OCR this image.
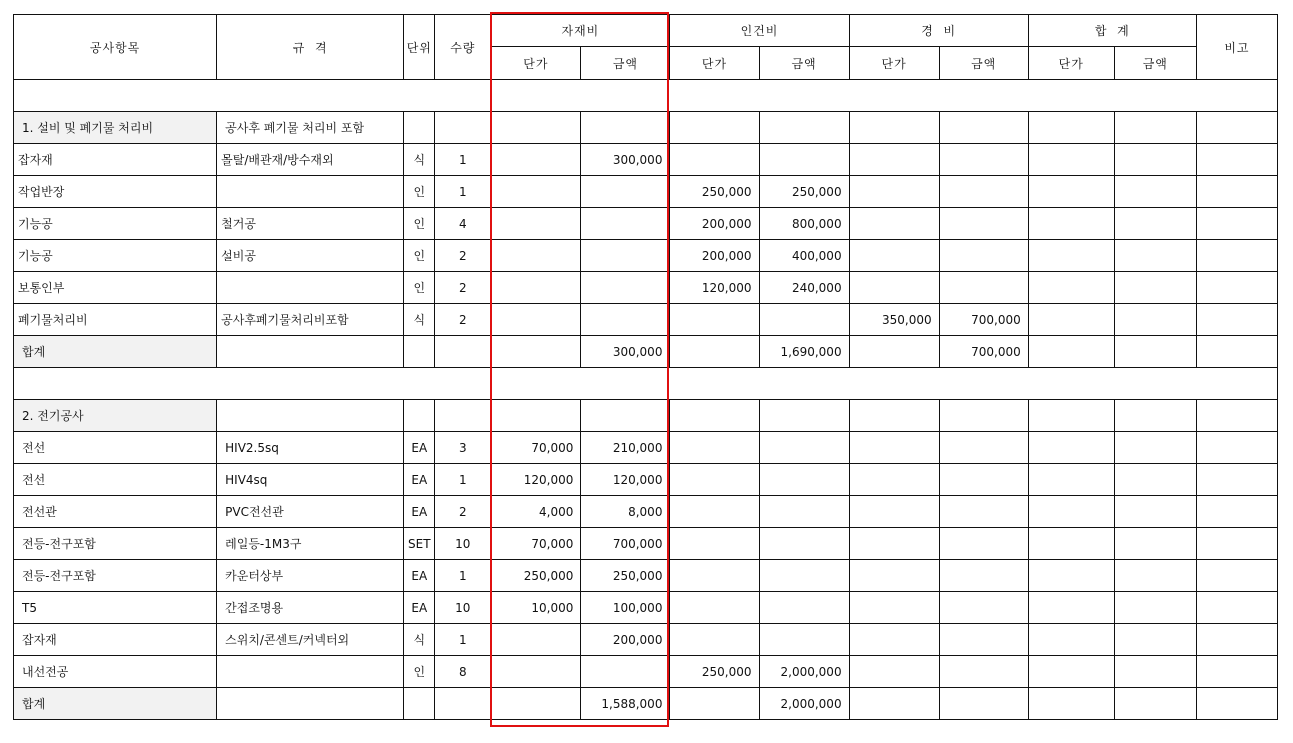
공사항목	규  격	단위	수량	자재비		인건비		경  비		합  계		비고
				단가	금액	단가	금액	단가	금액	단가	금액	

1. 설비 및 폐기물 처리비	공사후 폐기물 처리비 포함											
잡자재	몰탈/배관재/방수재외	식	1		300,000							
작업반장		인	1			250,000	250,000					
기능공	철거공	인	4			200,000	800,000					
기능공	설비공	인	2			200,000	400,000					
보통인부		인	2			120,000	240,000					
폐기물처리비	공사후폐기물처리비포함	식	2					350,000	700,000			
합계					300,000		1,690,000		700,000			

2. 전기공사												
전선	HIV2.5sq	EA	3	70,000	210,000							
전선	HIV4sq	EA	1	120,000	120,000							
전선관	PVC전선관	EA	2	4,000	8,000							
전등-전구포함	레일등-1M3구	SET	10	70,000	700,000							
전등-전구포함	카운터상부	EA	1	250,000	250,000							
T5	간접조명용	EA	10	10,000	100,000							
잡자재	스위치/콘센트/커넥터외	식	1		200,000							
내선전공		인	8			250,000	2,000,000					
합계					1,588,000		2,000,000					
